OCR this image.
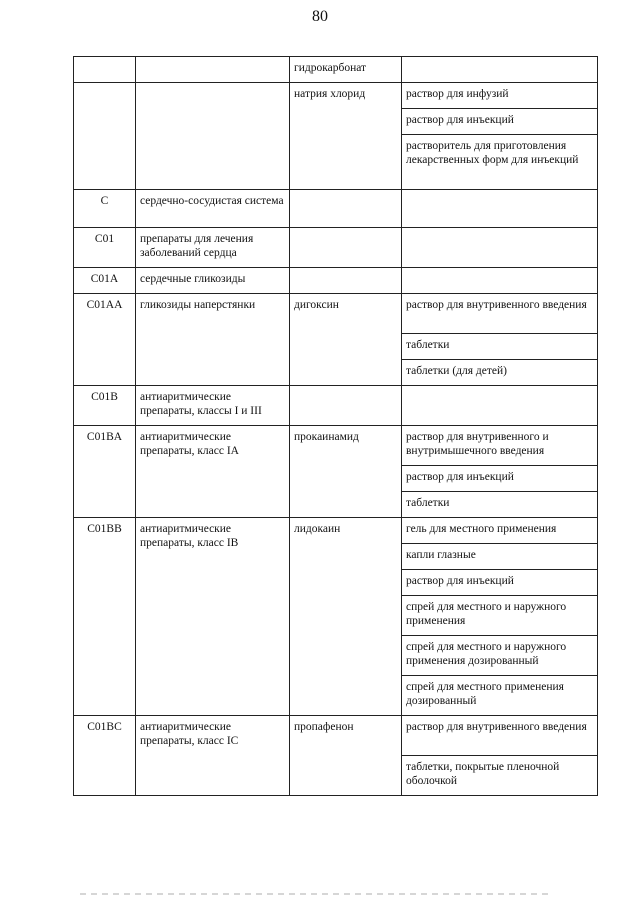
80
		гидрокарбонат	
		натрия хлорид	раствор для инфузий
			раствор для инъекций
			растворитель для приготовления лекарственных форм для инъекций
C	сердечно-сосудистая система		
C01	препараты для лечения заболеваний сердца		
C01A	сердечные гликозиды		
C01AA	гликозиды наперстянки	дигоксин	раствор для внутривенного введения
			таблетки
			таблетки (для детей)
C01B	антиаритмические препараты, классы I и III		
C01BA	антиаритмические препараты, класс IA	прокаинамид	раствор для внутривенного и внутримышечного введения
			раствор для инъекций
			таблетки
C01BB	антиаритмические препараты, класс IB	лидокаин	гель для местного применения
			капли глазные
			раствор для инъекций
			спрей для местного и наружного применения
			спрей для местного и наружного применения дозированный
			спрей для местного применения дозированный
C01BC	антиаритмические препараты, класс IC	пропафенон	раствор для внутривенного введения
			таблетки, покрытые пленочной оболочкой
